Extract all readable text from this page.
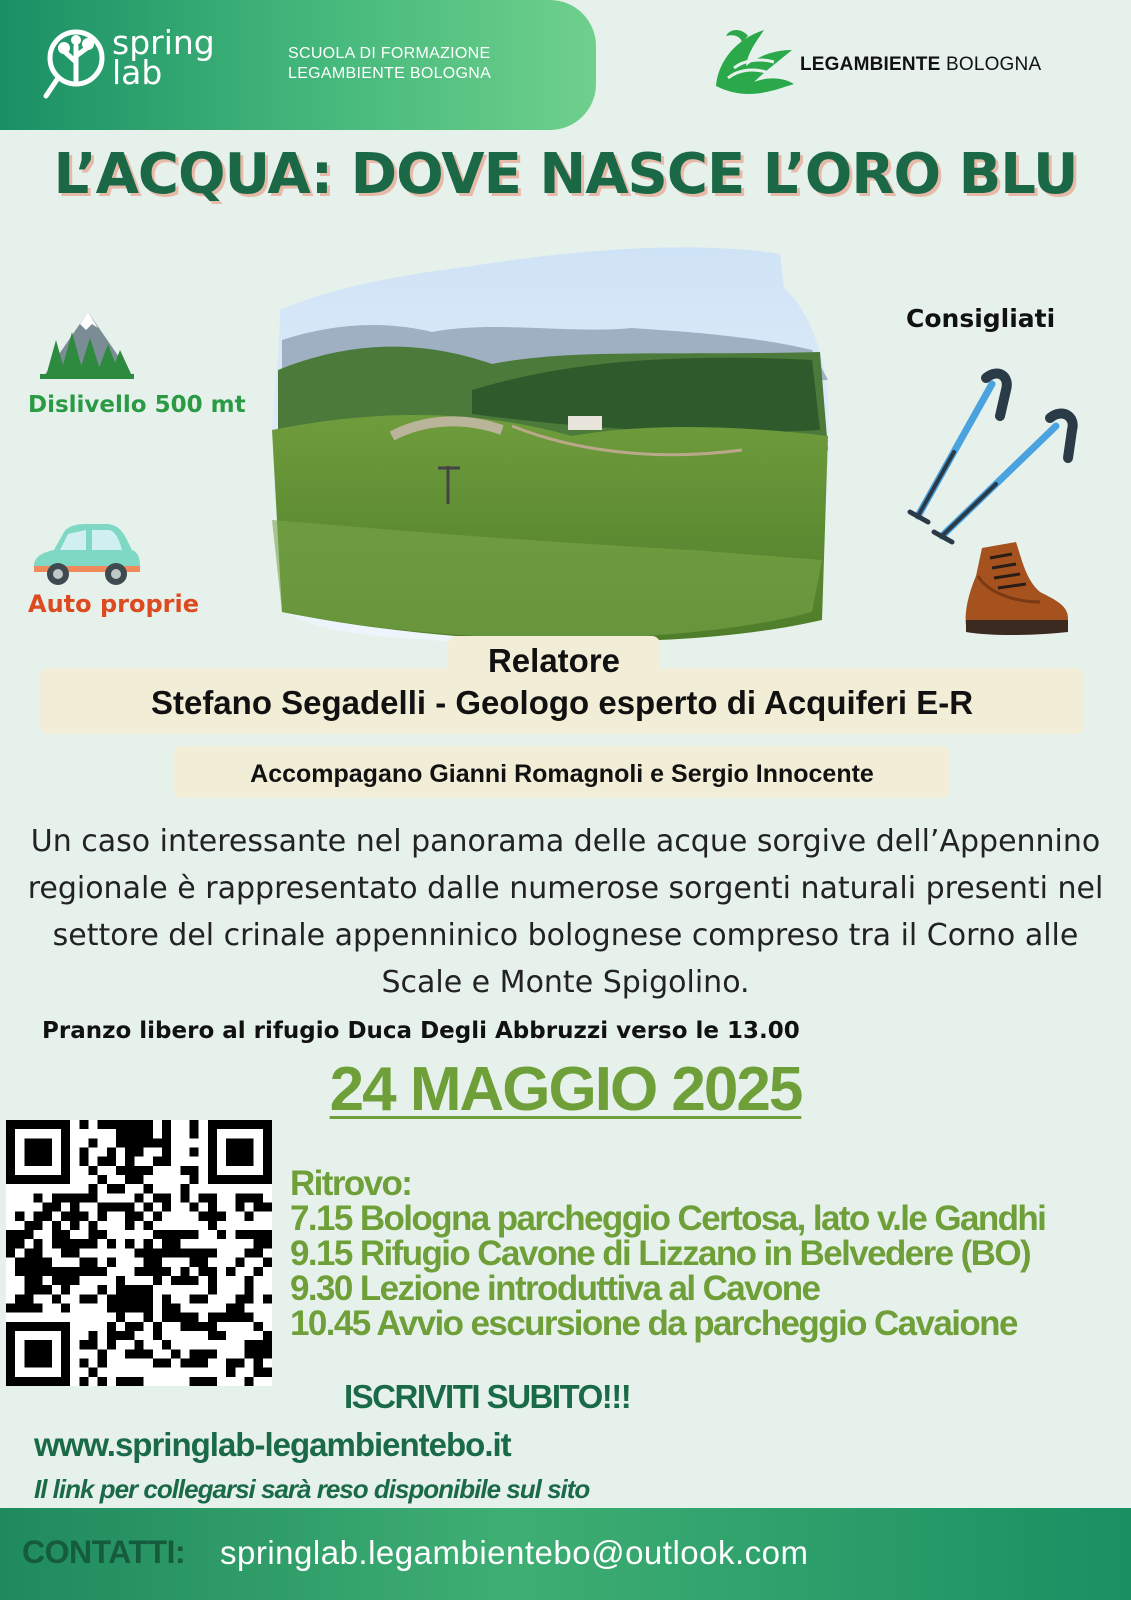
spring
lab	SCUOLA DI FORMAZIONE
LEGAMBIENTE BOLOGNA	LEGAMBIENTE BOLOGNA
L’ACQUA: DOVE NASCE L’ORO BLU
Dislivello 500 mt
Auto proprie
Consigliati
Relatore
Stefano Segadelli - Geologo esperto di Acquiferi E-R
Accompagano Gianni Romagnoli e Sergio Innocente
Un caso interessante nel panorama delle acque sorgive dell’Appennino regionale è rappresentato dalle numerose sorgenti naturali presenti nel settore del crinale appenninico bolognese compreso tra il Corno alle Scale e Monte Spigolino.
Pranzo libero al rifugio Duca Degli Abbruzzi verso le 13.00
24 MAGGIO 2025
Ritrovo:
7.15 Bologna parcheggio Certosa, lato v.le Gandhi
9.15 Rifugio Cavone di Lizzano in Belvedere (BO)
9.30 Lezione introduttiva al Cavone
10.45 Avvio escursione da parcheggio Cavaione
ISCRIVITI SUBITO!!!
www.springlab-legambientebo.it
Il link per collegarsi sarà reso disponibile sul sito
CONTATTI: springlab.legambientebo@outlook.com
